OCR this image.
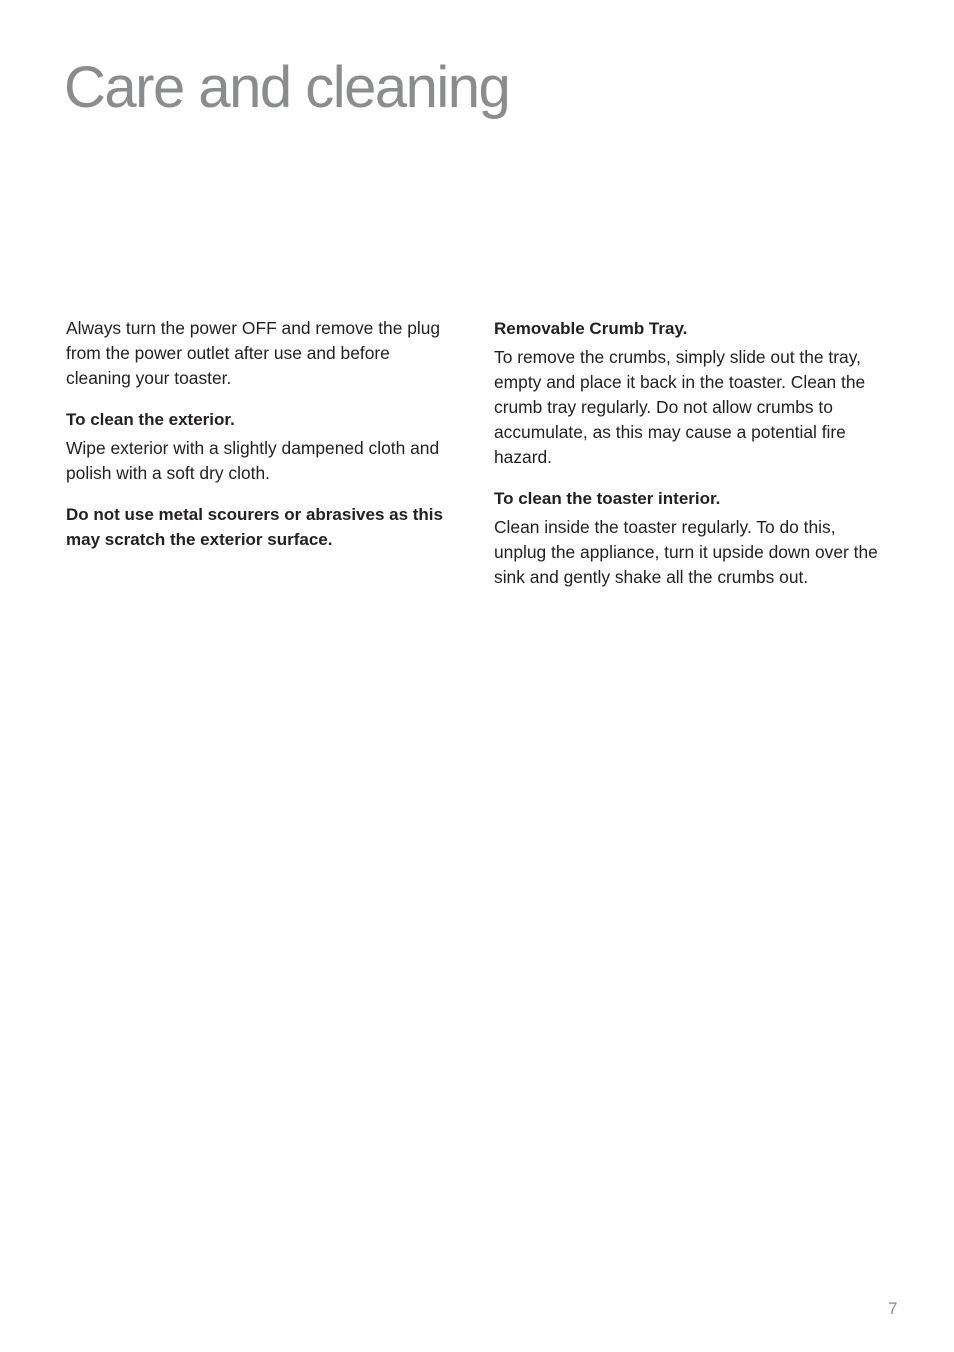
Care and cleaning

Always turn the power OFF and remove the plug from the power outlet after use and before cleaning your toaster.

To clean the exterior.

Wipe exterior with a slightly dampened cloth and polish with a soft dry cloth.

Do not use metal scourers or abrasives as this may scratch the exterior surface.

Removable Crumb Tray.

To remove the crumbs, simply slide out the tray, empty and place it back in the toaster. Clean the crumb tray regularly. Do not allow crumbs to accumulate, as this may cause a potential fire hazard.

To clean the toaster interior.

Clean inside the toaster regularly. To do this, unplug the appliance, turn it upside down over the sink and gently shake all the crumbs out.

7
